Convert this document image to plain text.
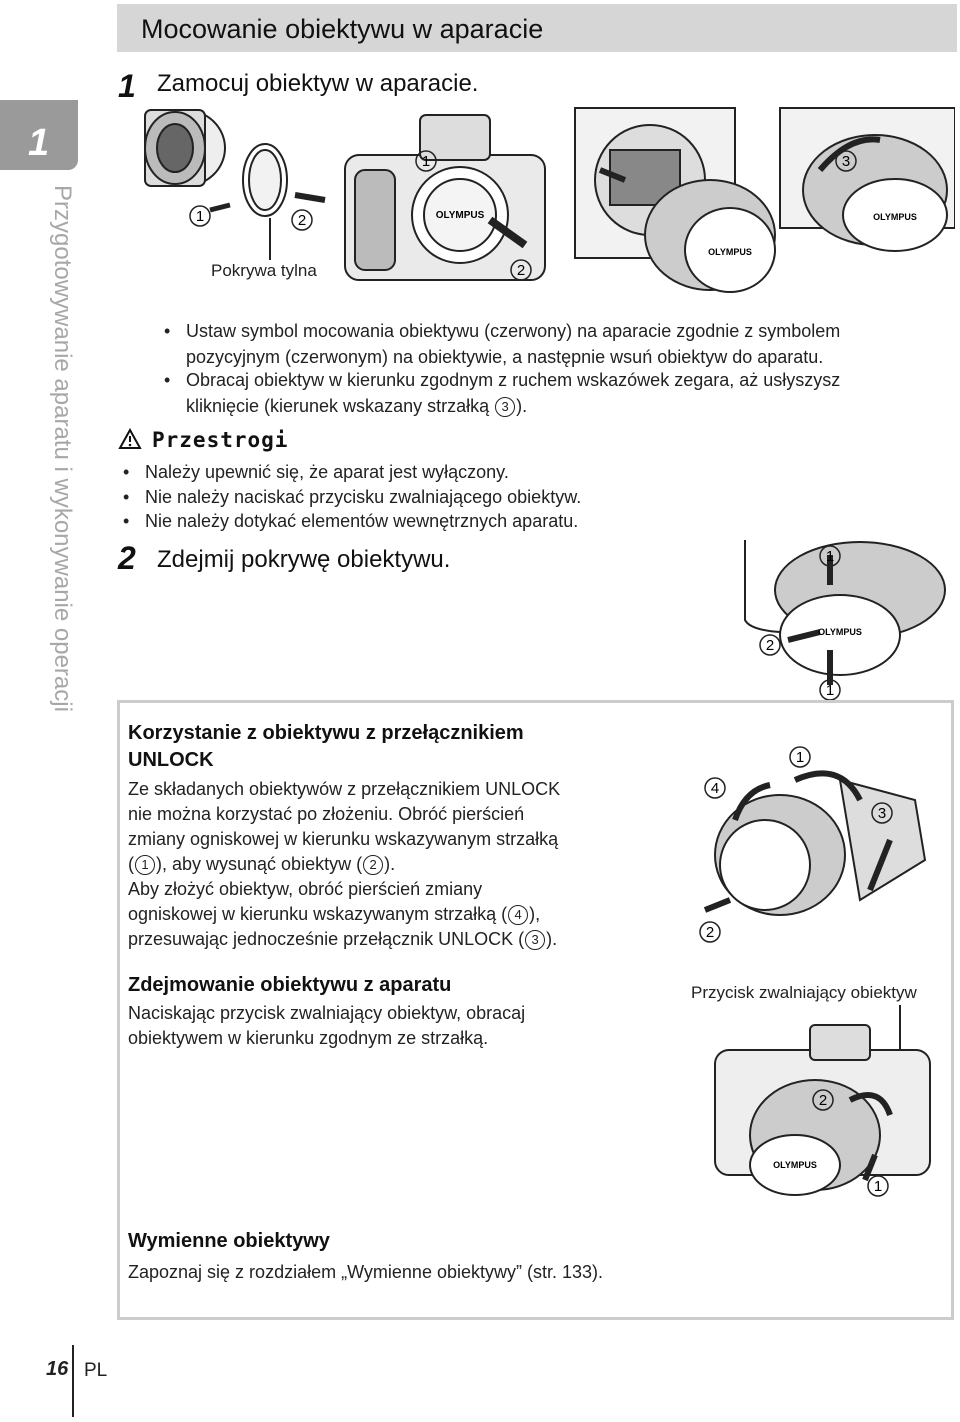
1
Przygotowywanie aparatu i wykonywanie operacji
Mocowanie obiektywu w aparacie
1 Zamocuj obiektyw w aparacie.
1	2	OLYMPUS
1
2
OLYMPUS
OLYMPUS
3
Pokrywa tylna
• Ustaw symbol mocowania obiektywu (czerwony) na aparacie zgodnie z symbolem
pozycyjnym (czerwonym) na obiektywie, a następnie wsuń obiektyw do aparatu.
• Obracaj obiektyw w kierunku zgodnym z ruchem wskazówek zegara, aż usłyszysz
kliknięcie (kierunek wskazany strzałką 3 ).
Przestrogi
• Należy upewnić się, że aparat jest wyłączony.
• Nie należy naciskać przycisku zwalniającego obiektyw.
• Nie należy dotykać elementów wewnętrznych aparatu.
2 Zdejmij pokrywę obiektywu.
OLYMPUS
1
2
1
Korzystanie z obiektywu z przełącznikiem
UNLOCK
Ze składanych obiektywów z przełącznikiem UNLOCK
nie można korzystać po złożeniu. Obróć pierścień
zmiany ogniskowej w kierunku wskazywanym strzałką
( 1 ), aby wysunąć obiektyw ( 2 ).
Aby złożyć obiektyw, obróć pierścień zmiany
ogniskowej w kierunku wskazywanym strzałką ( 4 ),
przesuwając jednocześnie przełącznik UNLOCK ( 3 ).
1
4
3
2
Zdejmowanie obiektywu z aparatu
Naciskając przycisk zwalniający obiektyw, obracaj
obiektywem w kierunku zgodnym ze strzałką.
Przycisk zwalniający obiektyw
OLYMPUS
2
1
Wymienne obiektywy
Zapoznaj się z rozdziałem „Wymienne obiektywy” (str. 133).
16 PL
